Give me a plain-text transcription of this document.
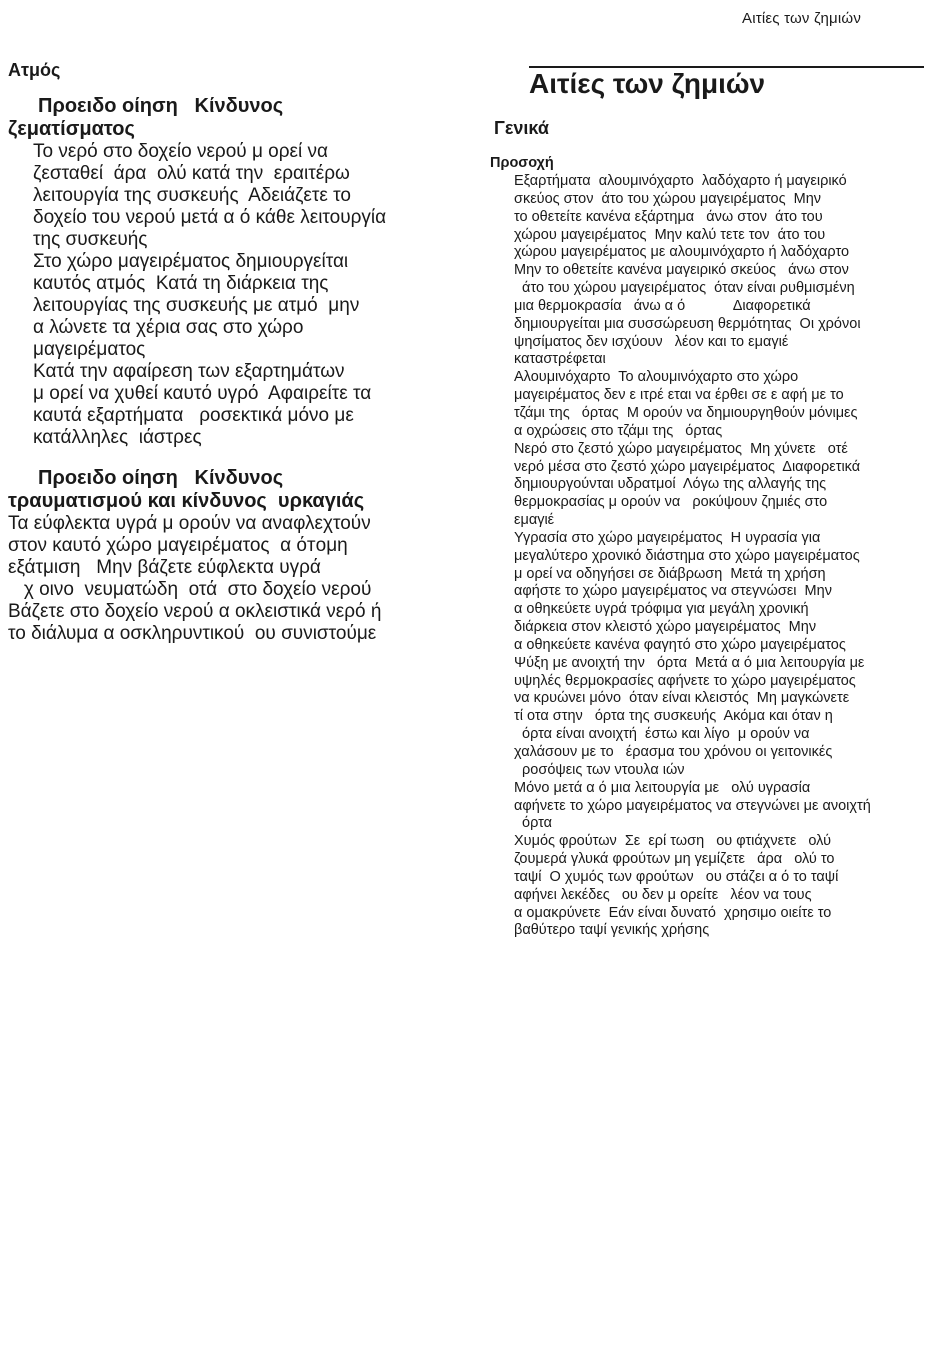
Αιτίες των ζημιών
Ατμός
Προειδο οίηση   Κίνδυνος
ζεματίσματος
Το νερό στο δοχείο νερού μ ορεί να
ζεσταθεί  άρα  ολύ κατά την  εραιτέρω
λειτουργία της συσκευής  Αδειάζετε το
δοχείο του νερού μετά α ό κάθε λειτουργία
της συσκευής
Στο χώρο μαγειρέματος δημιουργείται
καυτός ατμός  Κατά τη διάρκεια της
λειτουργίας της συσκευής με ατμό  μην
α λώνετε τα χέρια σας στο χώρο
μαγειρέματος
Κατά την αφαίρεση των εξαρτημάτων
μ ορεί να χυθεί καυτό υγρό  Αφαιρείτε τα
καυτά εξαρτήματα   ροσεκτικά μόνο με
κατάλληλες  ιάστρες
Προειδο οίηση   Κίνδυνος
τραυματισμού και κίνδυνος  υρκαγιάς
Τα εύφλεκτα υγρά μ ορούν να αναφλεχτούν
στον καυτό χώρο μαγειρέματος  α όтομη
εξάτμιση   Μην βάζετε εύφλεκτα υγρά
χ οινο  νευματώδη  οτά  στο δοχείο νερού
Βάζετε στο δοχείο νερού α οκλειστικά νερό ή
το διάλυμα α οσκληρυντικού  ου συνιστούμε
Αιτίες των ζημιών
Γενικά
Προσοχή
Εξαρτήματα  αλουμινόχαρτο  λαδόχαρτο ή μαγειρικό
σκεύος στον  άτο του χώρου μαγειρέματος  Μην
το οθετείτε κανένα εξάρτημα   άνω στον  άτο του
χώρου μαγειρέματος  Μην καλύ τετε τον  άτο του
χώρου μαγειρέματος με αλουμινόχαρτο ή λαδόχαρτο
Μην το οθετείτε κανένα μαγειρικό σκεύος   άνω στον
άτο του χώρου μαγειρέματος  όταν είναι ρυθμισμένη
μια θερμοκρασία   άνω α ό            Διαφορετικά
δημιουργείται μια συσσώρευση θερμότητας  Οι χρόνοι
ψησίματος δεν ισχύουν   λέον και το εμαγιέ
καταστρέφεται
Αλουμινόχαρτο  Το αλουμινόχαρτο στο χώρο
μαγειρέματος δεν ε ιτρέ εται να έρθει σε ε αφή με το
τζάμι της   όρτας  Μ ορούν να δημιουργηθούν μόνιμες
α οχρώσεις στο τζάμι της   όρτας
Νερό στο ζεστό χώρο μαγειρέματος  Μη χύνετε   οτέ
νερό μέσα στο ζεστό χώρο μαγειρέματος  Διαφορετικά
δημιουργούνται υδρατμοί  Λόγω της αλλαγής της
θερμοκρασίας μ ορούν να   ροκύψουν ζημιές στο
εμαγιέ
Υγρασία στο χώρο μαγειρέματος  Η υγρασία για
μεγαλύτερο χρονικό διάστημα στο χώρο μαγειρέματος
μ ορεί να οδηγήσει σε διάβρωση  Μετά τη χρήση
αφήστε το χώρο μαγειρέματος να στεγνώσει  Μην
α οθηκεύετε υγρά τρόφιμα για μεγάλη χρονική
διάρκεια στον κλειστό χώρο μαγειρέματος  Μην
α οθηκεύετε κανένα φαγητό στο χώρο μαγειρέματος
Ψύξη με ανοιχτή την   όρτα  Μετά α ό μια λειτουργία με
υψηλές θερμοκρασίες αφήνετε το χώρο μαγειρέματος
να κρυώνει μόνο  όταν είναι κλειστός  Μη μαγκώνετε
τί οτα στην   όρτα της συσκευής  Ακόμα και όταν η
όρτα είναι ανοιχτή  έστω και λίγο  μ ορούν να
χαλάσουν με το   έρασμα του χρόνου οι γειτονικές
ροσόψεις των ντουλα ιών
Μόνο μετά α ό μια λειτουργία με   ολύ υγρασία
αφήνετε το χώρο μαγειρέματος να στεγνώνει με ανοιχτή
όρτα
Χυμός φρούτων  Σε  ερί τωση   ου φτιάχνετε   ολύ
ζουμερά γλυκά φρούτων μη γεμίζετε   άρα   ολύ το
ταψί  Ο χυμός των φρούτων   ου στάζει α ό το ταψί
αφήνει λεκέδες   ου δεν μ ορείτε   λέον να τους
α ομακρύνετε  Εάν είναι δυνατό  χρησιμο οιείτε το
βαθύτερο ταψί γενικής χρήσης
